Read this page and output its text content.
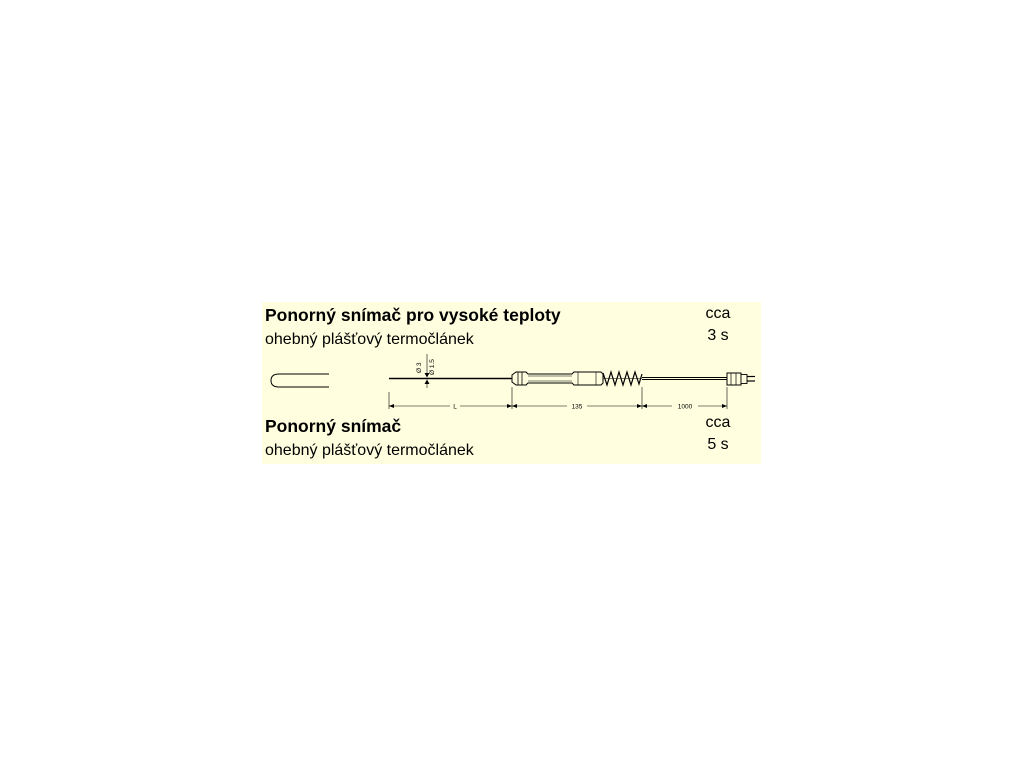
Ponorný snímač pro vysoké teploty
ohebný plášťový termočlánek
cca
3 s
Ø 3 Ø 1.5
L	135	1000
Ponorný snímač
ohebný plášťový termočlánek
cca
5 s
